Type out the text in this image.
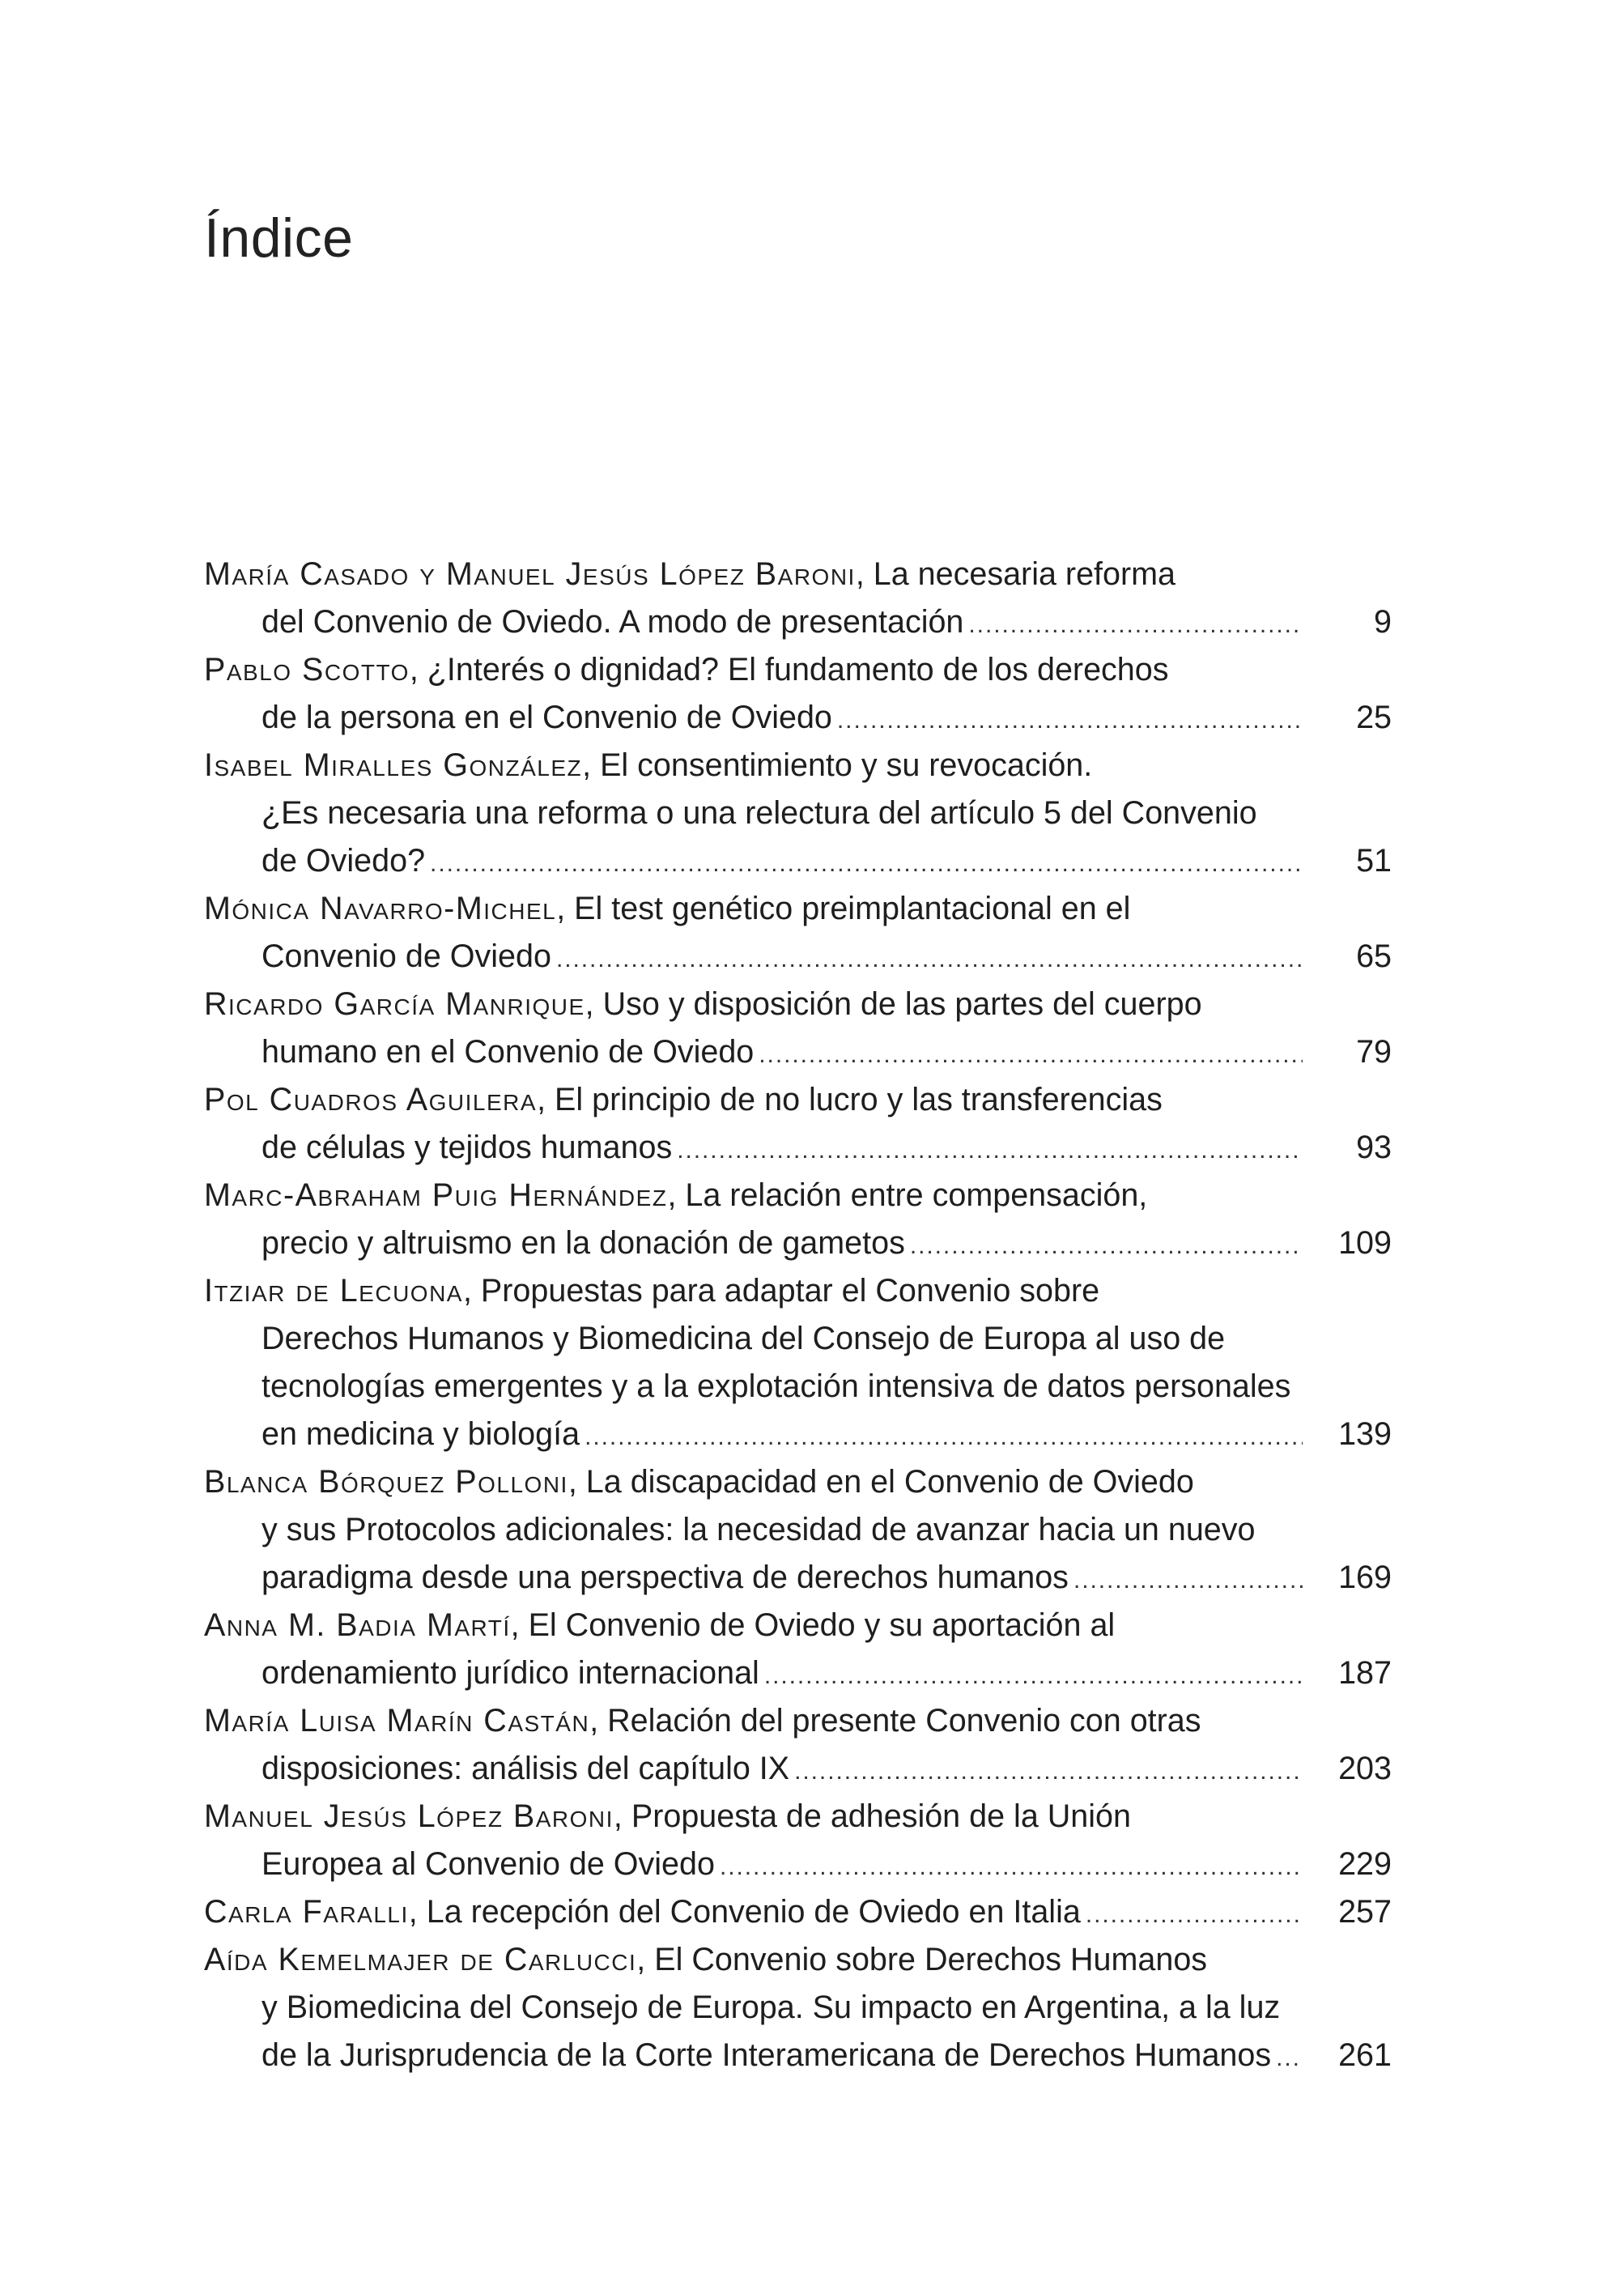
Índice
María Casado y Manuel Jesús López Baroni, La necesaria reforma
del Convenio de Oviedo. A modo de presentación . . .	9
Pablo Scotto, ¿Interés o dignidad? El fundamento de los derechos
de la persona en el Convenio de Oviedo . . .	25
Isabel Miralles González, El consentimiento y su revocación.
¿Es necesaria una reforma o una relectura del artículo 5 del Convenio
de Oviedo? . . .	51
Mónica Navarro-Michel, El test genético preimplantacional en el
Convenio de Oviedo . . .	65
Ricardo García Manrique, Uso y disposición de las partes del cuerpo
humano en el Convenio de Oviedo . . .	79
Pol Cuadros Aguilera, El principio de no lucro y las transferencias
de células y tejidos humanos . . .	93
Marc-Abraham Puig Hernández, La relación entre compensación,
precio y altruismo en la donación de gametos . . .	109
Itziar de Lecuona, Propuestas para adaptar el Convenio sobre
Derechos Humanos y Biomedicina del Consejo de Europa al uso de
tecnologías emergentes y a la explotación intensiva de datos personales
en medicina y biología . . .	139
Blanca Bórquez Polloni, La discapacidad en el Convenio de Oviedo
y sus Protocolos adicionales: la necesidad de avanzar hacia un nuevo
paradigma desde una perspectiva de derechos humanos . . .	169
Anna M. Badia Martí, El Convenio de Oviedo y su aportación al
ordenamiento jurídico internacional . . .	187
María Luisa Marín Castán, Relación del presente Convenio con otras
disposiciones: análisis del capítulo IX . . .	203
Manuel Jesús López Baroni, Propuesta de adhesión de la Unión
Europea al Convenio de Oviedo . . .	229
Carla Faralli, La recepción del Convenio de Oviedo en Italia . . .	257
Aída Kemelmajer de Carlucci, El Convenio sobre Derechos Humanos
y Biomedicina del Consejo de Europa. Su impacto en Argentina, a la luz
de la Jurisprudencia de la Corte Interamericana de Derechos Humanos . . .	261
